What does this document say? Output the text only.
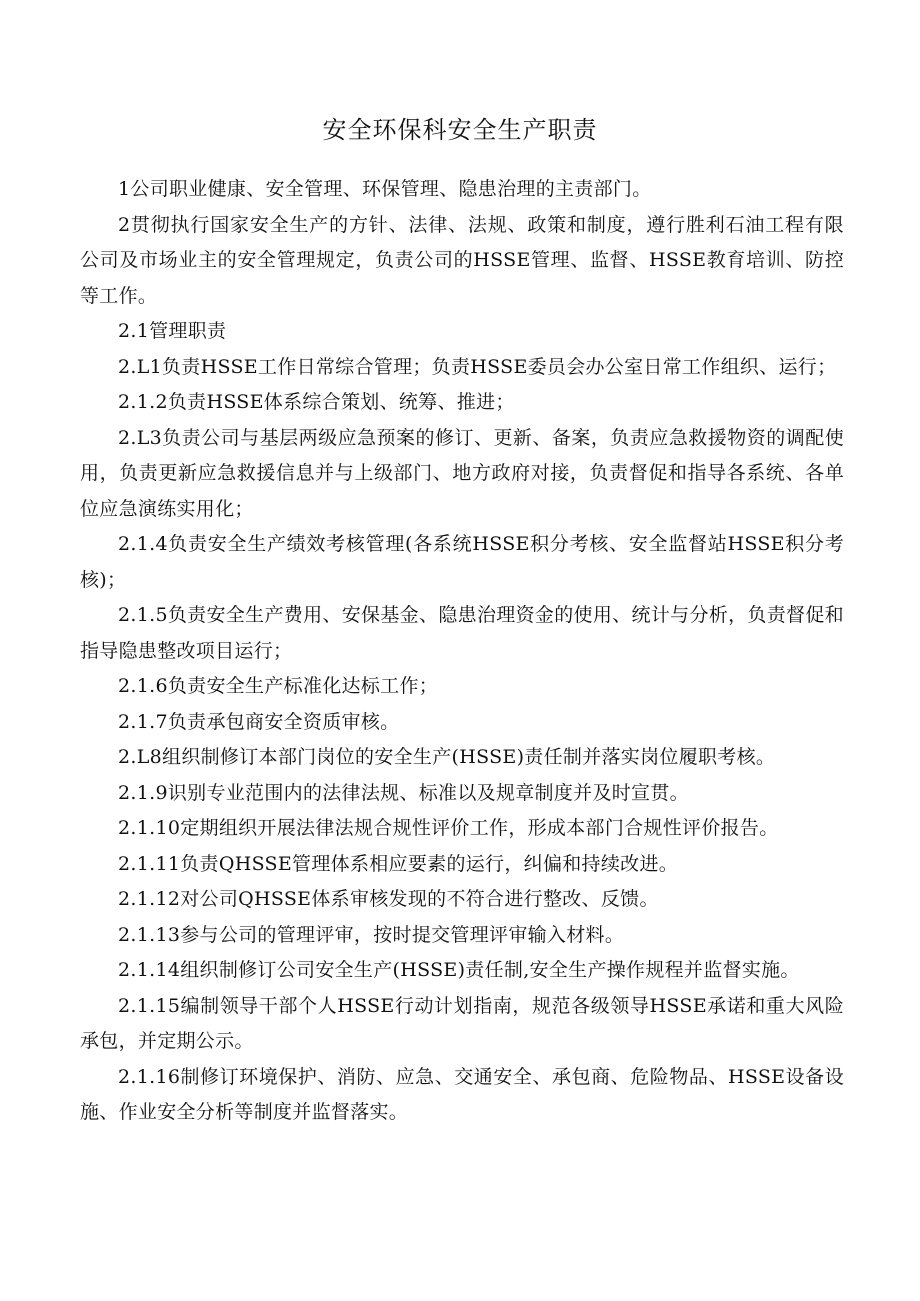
安全环保科安全生产职责

1公司职业健康、安全管理、环保管理、隐患治理的主责部门。

2贯彻执行国家安全生产的方针、法律、法规、政策和制度，遵行胜利石油工程有限公司及市场业主的安全管理规定，负责公司的HSSE管理、监督、HSSE教育培训、防控等工作。

2.1管理职责

2.L1负责HSSE工作日常综合管理；负责HSSE委员会办公室日常工作组织、运行；

2.1.2负责HSSE体系综合策划、统筹、推进；

2.L3负责公司与基层两级应急预案的修订、更新、备案，负责应急救援物资的调配使用，负责更新应急救援信息并与上级部门、地方政府对接，负责督促和指导各系统、各单位应急演练实用化；

2.1.4负责安全生产绩效考核管理(各系统HSSE积分考核、安全监督站HSSE积分考核)；

2.1.5负责安全生产费用、安保基金、隐患治理资金的使用、统计与分析，负责督促和指导隐患整改项目运行；

2.1.6负责安全生产标准化达标工作；

2.1.7负责承包商安全资质审核。

2.L8组织制修订本部门岗位的安全生产(HSSE)责任制并落实岗位履职考核。

2.1.9识别专业范围内的法律法规、标准以及规章制度并及时宣贯。

2.1.10定期组织开展法律法规合规性评价工作，形成本部门合规性评价报告。

2.1.11负责QHSSE管理体系相应要素的运行，纠偏和持续改进。

2.1.12对公司QHSSE体系审核发现的不符合进行整改、反馈。

2.1.13参与公司的管理评审，按时提交管理评审输入材料。

2.1.14组织制修订公司安全生产(HSSE)责任制,安全生产操作规程并监督实施。

2.1.15编制领导干部个人HSSE行动计划指南，规范各级领导HSSE承诺和重大风险承包，并定期公示。

2.1.16制修订环境保护、消防、应急、交通安全、承包商、危险物品、HSSE设备设施、作业安全分析等制度并监督落实。
